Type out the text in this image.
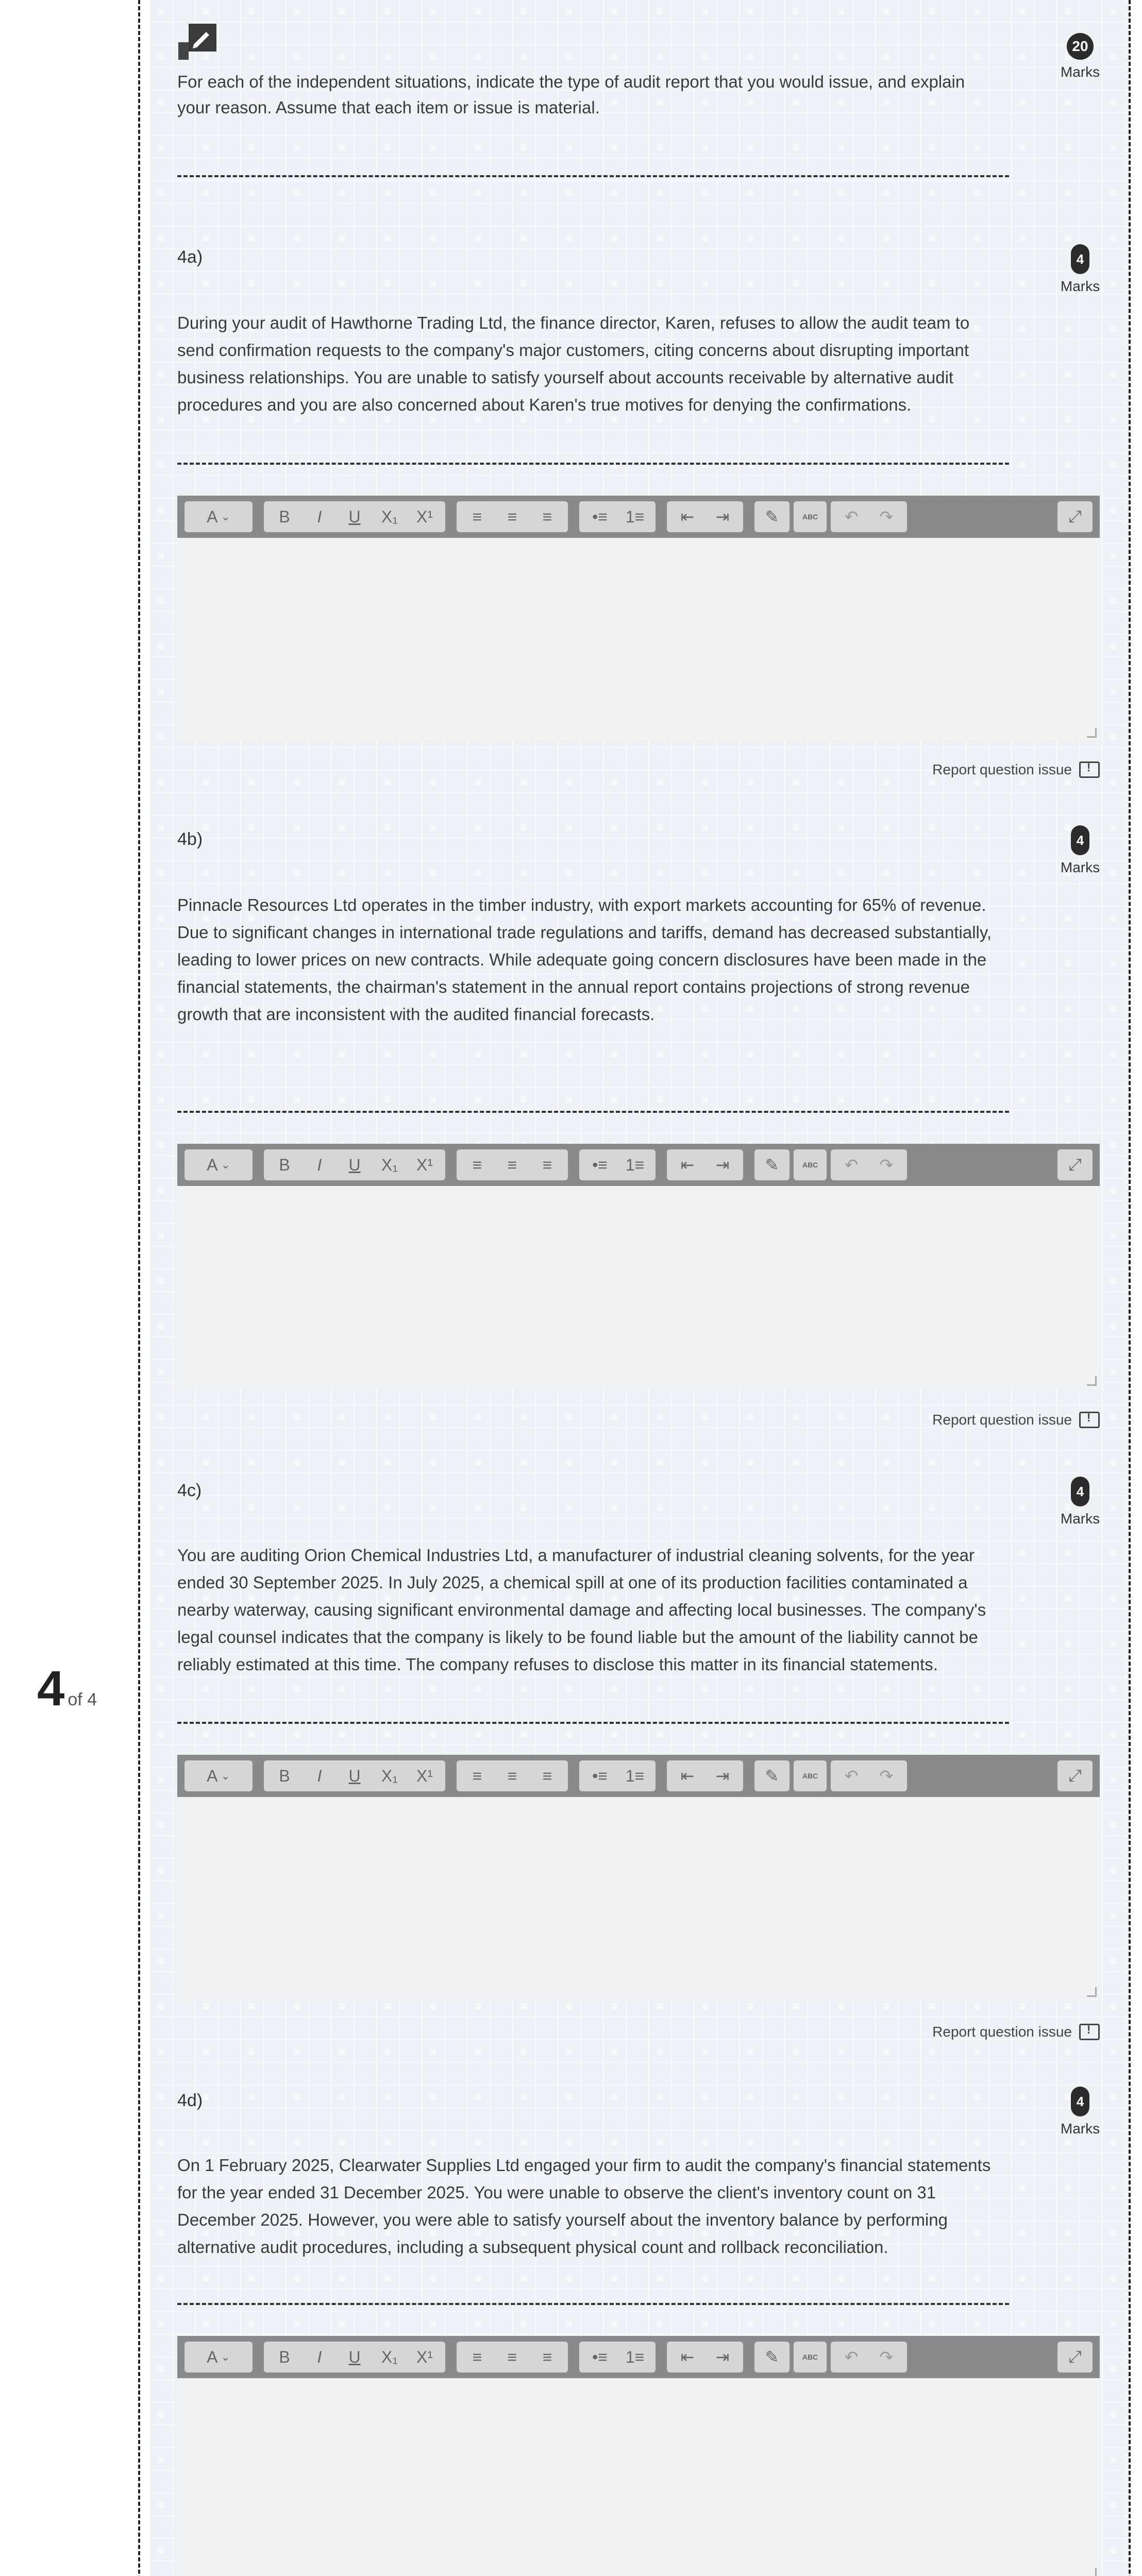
4 of 4
For each of the independent situations, indicate the type of audit report that you would issue, and explain your reason. Assume that each item or issue is material.
20
Marks
4a)	4
Marks
During your audit of Hawthorne Trading Ltd, the finance director, Karen, refuses to allow the audit team to send confirmation requests to the company's major customers, citing concerns about disrupting important business relationships. You are unable to satisfy yourself about accounts receivable by alternative audit procedures and you are also concerned about Karen's true motives for denying the confirmations.
A ⌄	B	I	U	X₁	X¹	≡	≡	≡	•≡	1≡	⇤	⇥	✎	ABC	↶	↷	⤢
Report question issue
!
4b)	4
Marks
Pinnacle Resources Ltd operates in the timber industry, with export markets accounting for 65% of revenue. Due to significant changes in international trade regulations and tariffs, demand has decreased substantially, leading to lower prices on new contracts. While adequate going concern disclosures have been made in the financial statements, the chairman's statement in the annual report contains projections of strong revenue growth that are inconsistent with the audited financial forecasts.
A ⌄	B	I	U	X₁	X¹	≡	≡	≡	•≡	1≡	⇤	⇥	✎	ABC	↶	↷	⤢
Report question issue
!
4c)	4
Marks
You are auditing Orion Chemical Industries Ltd, a manufacturer of industrial cleaning solvents, for the year ended 30 September 2025. In July 2025, a chemical spill at one of its production facilities contaminated a nearby waterway, causing significant environmental damage and affecting local businesses. The company's legal counsel indicates that the company is likely to be found liable but the amount of the liability cannot be reliably estimated at this time. The company refuses to disclose this matter in its financial statements.
A ⌄	B	I	U	X₁	X¹	≡	≡	≡	•≡	1≡	⇤	⇥	✎	ABC	↶	↷	⤢
Report question issue
!
4d)	4
Marks
On 1 February 2025, Clearwater Supplies Ltd engaged your firm to audit the company's financial statements for the year ended 31 December 2025. You were unable to observe the client's inventory count on 31 December 2025. However, you were able to satisfy yourself about the inventory balance by performing alternative audit procedures, including a subsequent physical count and rollback reconciliation.
A ⌄	B	I	U	X₁	X¹	≡	≡	≡	•≡	1≡	⇤	⇥	✎	ABC	↶	↷	⤢
